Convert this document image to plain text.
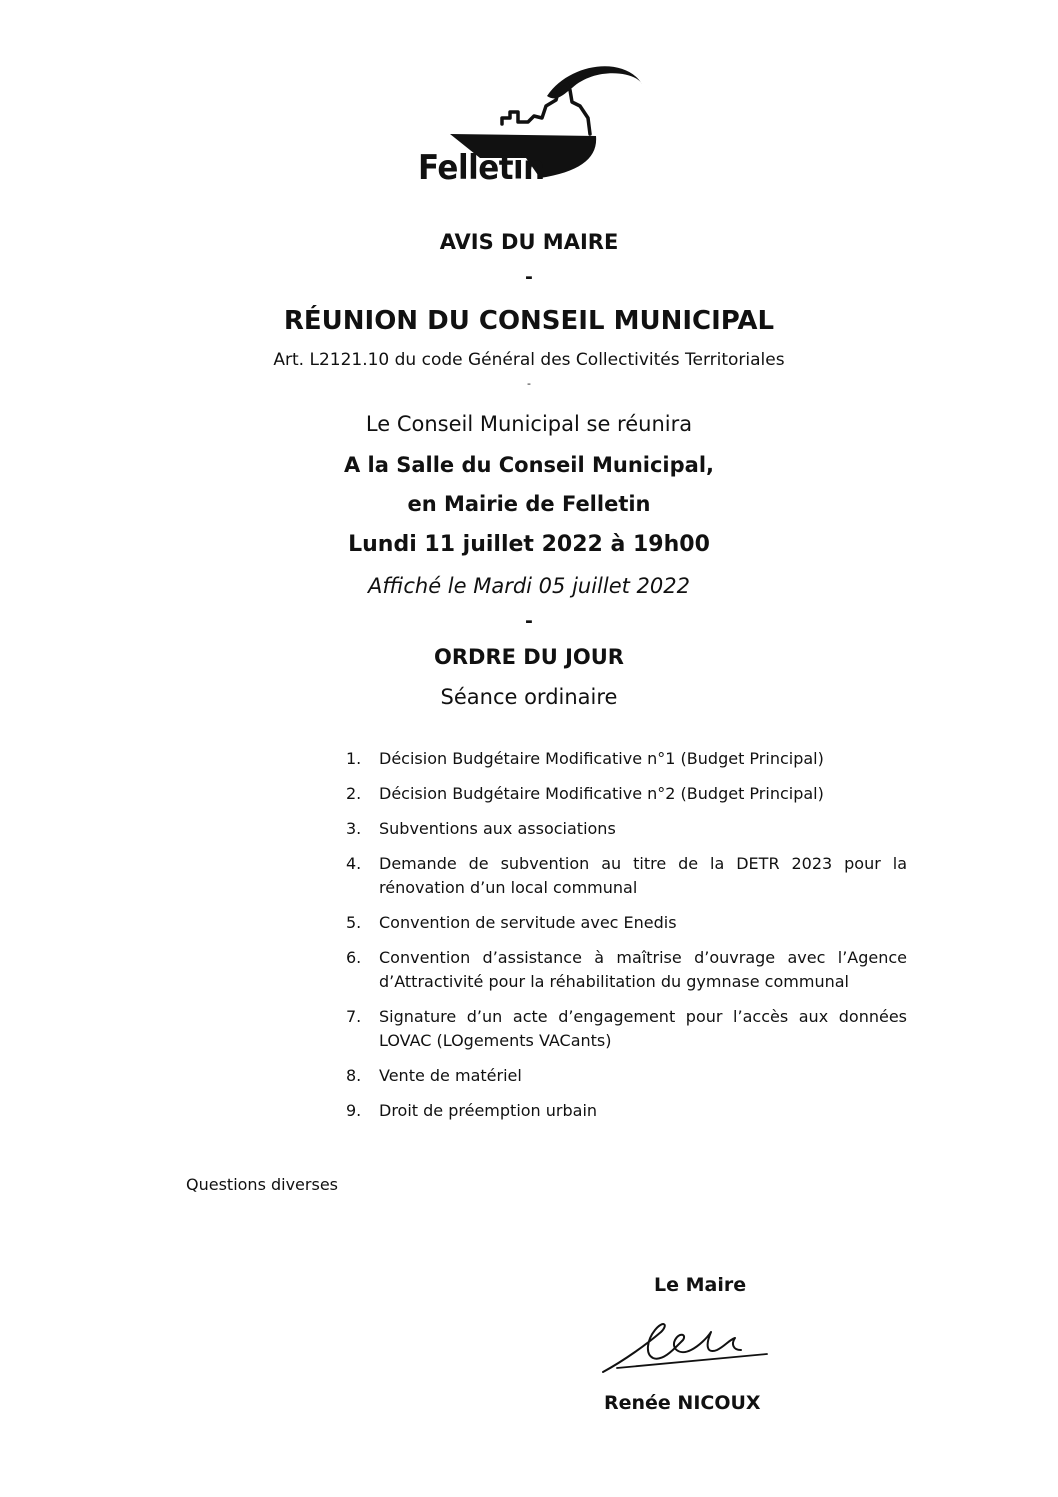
Felletin
AVIS DU MAIRE
-
RÉUNION DU CONSEIL MUNICIPAL
Art. L2121.10 du code Général des Collectivités Territoriales
-
Le Conseil Municipal se réunira
A la Salle du Conseil Municipal,
en Mairie de Felletin
Lundi 11 juillet 2022 à 19h00
Affiché le Mardi 05 juillet 2022
-
ORDRE DU JOUR
Séance ordinaire
1. Décision Budgétaire Modificative n°1 (Budget Principal)
2. Décision Budgétaire Modificative n°2 (Budget Principal)
3. Subventions aux associations
4. Demande de subvention au titre de la DETR 2023 pour la rénovation d’un local communal
5. Convention de servitude avec Enedis
6. Convention d’assistance à maîtrise d’ouvrage avec l’Agence d’Attractivité pour la réhabilitation du gymnase communal
7. Signature d’un acte d’engagement pour l’accès aux données LOVAC (LOgements VACants)
8. Vente de matériel
9. Droit de préemption urbain
Questions diverses
Le Maire
Renée NICOUX
